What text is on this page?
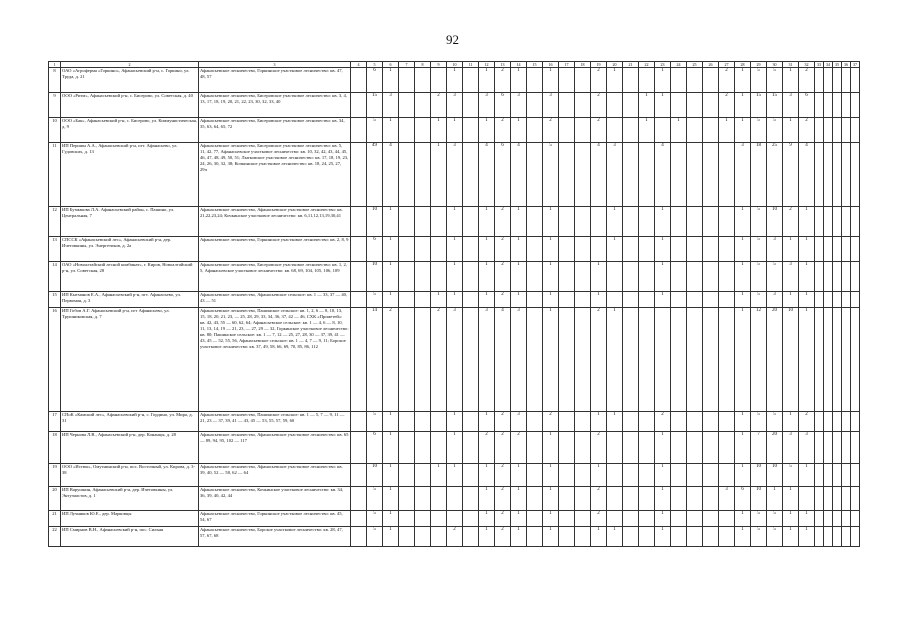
92
1	2	3	4	5	6	7	8	9	10	11	12	13	14	15	16	17	18	19	20	21	22	23	24	25	26	27	28	29	30	31	32	33	34	35	36	37
8	ОАО «Агроферма «Горкино», Афанасьевский р-н, с. Горкино, ул. Труда, д. 21	Афанасьевское лесничество, Горкинское участковое лесничество: кв. 47, 48, 57		6	1				1		1	2	1		1			2	1			1				2	1	5	5	1	2					
9	ООО «Ритм», Афанасьевский р-н, с. Бисерово, ул. Советская, д. 40	Афанасьевское лесничество, Бисеровское участковое лесничество: кв. 3, 4, 13, 17, 18, 19, 20, 21, 22, 23, 30, 32, 33, 40		15	3			2	3		3	6	3		3			2			1	1				2	1	15	15	3	6					
10	ООО «Бак», Афанасьевский р-н, с. Бисерово, ул. Коммунистическая, д. 9	Афанасьевское лесничество, Бисеровское участковое лесничество: кв. 34, 35, 63, 64, 65, 72		5	1			1	1		1	2	1		2			2			1		1			1	1	5	5	1	2					
11	ИП Першин А.А., Афанасьевский р-н, пгт. Афанасьево, ул. Гудовских, д. 13	Афанасьевское лесничество, Бисеровское участковое лесничество: кв. 5, 11, 42, 77, Афанасьевское участковое лесничество: кв. 10, 32, 42, 43, 44, 45, 46, 47, 48, 49, 50, 51; Лытковское участковое лесничество: кв. 17, 18, 19, 23, 24, 26, 30, 32, 38; Кочкинское участковое лесничество: кв. 18, 24, 25, 27, 29ч		49	4			1	3		4	6	4		5			4	3			4					3	18	25	9	4					
12	ИП Бузмакова Л.А. Афанасьевский район, с. Пашино, ул. Центральная, 7	Афанасьевское лесничество, Афанасьевское участковое лесничество: кв. 21,22,23,24; Кочкинское участковое лесничество: кв. 6,11,12,13,19,30,41		10	1				1		1	2	1		1				1			1					1	5	10	2	1					
13	СПССК «Афанасьевский лес», Афанасьевский р-н, дер. Ичетовкины, ул. Энергетиков, д. 2а	Афанасьевское лесничество, Горкинское участковое лесничество: кв. 2, 8, 9		6	1				1		1	2	1		1				1			1					1	5	3	1	1					
14	ОАО «Новоалтайский лесной комбинат», г. Киров, Новоалтайский р-н, ул. Советская, 28	Афанасьевское лесничество, Бисеровское участковое лесничество: кв. 1, 2, 5, Афанасьевское участковое лесничество: кв. 68, 69, 104, 105, 106, 109		10	1				1		1	2	1		1			1				1					1	5	5	3	1					
15	ИП Кытманов Е.А., Афанасьевский р-н, пгт. Афанасьево, ул. Первомая, д. 3	Афанасьевское лесничество, Афанасьевское сельское: кв. 1 — 33, 37 — 40, 43 — 51		5	1			1	1		1	2	1		1			1				1					1	5	3	1	1					
16	ИП Гобов А.Г. Афанасьевский р-н, пгт Афанасьево, ул. Трушниковская, д. 7	Афанасьевское лесничество, Пашинское сельское: кв. 1, 2, 6 — 8, 10, 13, 15, 18, 20, 21, 23, — 25, 28, 29, 33, 34, 36, 37, 42 — 46, СХК «Прометей»: кв. 42, 43, 55 — 60, 62, 64; Афанасьевское сельское: кв. 1 — 4, 6 — 8, 10, 11, 13, 14, 19 — 21, 23, — 27, 29 — 32, Горкинское участковое лесничество: кв. 80; Пашинское сельское: кв. 1 — 7, 12 — 25, 27, 28, 30 — 37, 39, 41 — 43, 45 — 52, 55, 56, Афанасьевское сельское: кв. 1 — 4, 7 — 9, 11; Борское участковое лесничество: кв. 37, 49, 58, 66, 69, 70, 85, 86, 112		14	2			2	3		3	4	3		1			2	1								1	12	20	10	1					
17	СПоК «Камский лес», Афанасьевский р-н, с. Гордино, ул. Мира, д. 31	Афанасьевское лесничество, Пашинское сельское: кв. 1 — 5, 7 — 9, 11 — 21, 23 — 37, 39, 41 — 43, 45 — 53, 55, 57, 59, 60		5	1				1		1	2	3		2			1	1			2					1	5	5	1	2					
18	ИП Чернова Л.В., Афанасьевский р-н, дер. Конанцы, д. 28	Афанасьевское лесничество, Афанасьевское участковое лесничество: кв. 65 — 89, 94, 95, 102 — 117		6	1				1		2	2	2		1			2				1					1	7	20	3	3					
19	ООО «Истюк», Омутнинский р-н, пос. Восточный, ул. Кирова, д. 3-38	Афанасьевское лесничество, Афанасьевское участковое лесничество: кв. 39, 40, 52 — 58, 62 — 64		10	1			1	1		1	2	1		1			1				1					1	10	10	5	1					
20	ИП Варушкин, Афанасьевский р-н, дер. Ичетовкины, ул. Энтузиастов, д. 1	Афанасьевское лесничество, Кочкинское участковое лесничество: кв. 34, 36, 39, 40, 42, 44		5	1						1	2	1		1			2				1				3	6	10	1	1						
21	ИП Лучников Ю.Е., дер. Марковцы	Афанасьевское лесничество, Горкинское участковое лесничество: кв. 45, 54, 67		5	1						1	2	1		1			2				1					1	5	5	1	1					
22	ИП Смирнов В.Н., Афанасьевский р-н, пос. Сильня	Афанасьевское лесничество, Борское участковое лесничество: кв. 28, 47, 57, 67, 68		5	1				2		1	2	1		1			1	1			1					1	5	5	1	1					
